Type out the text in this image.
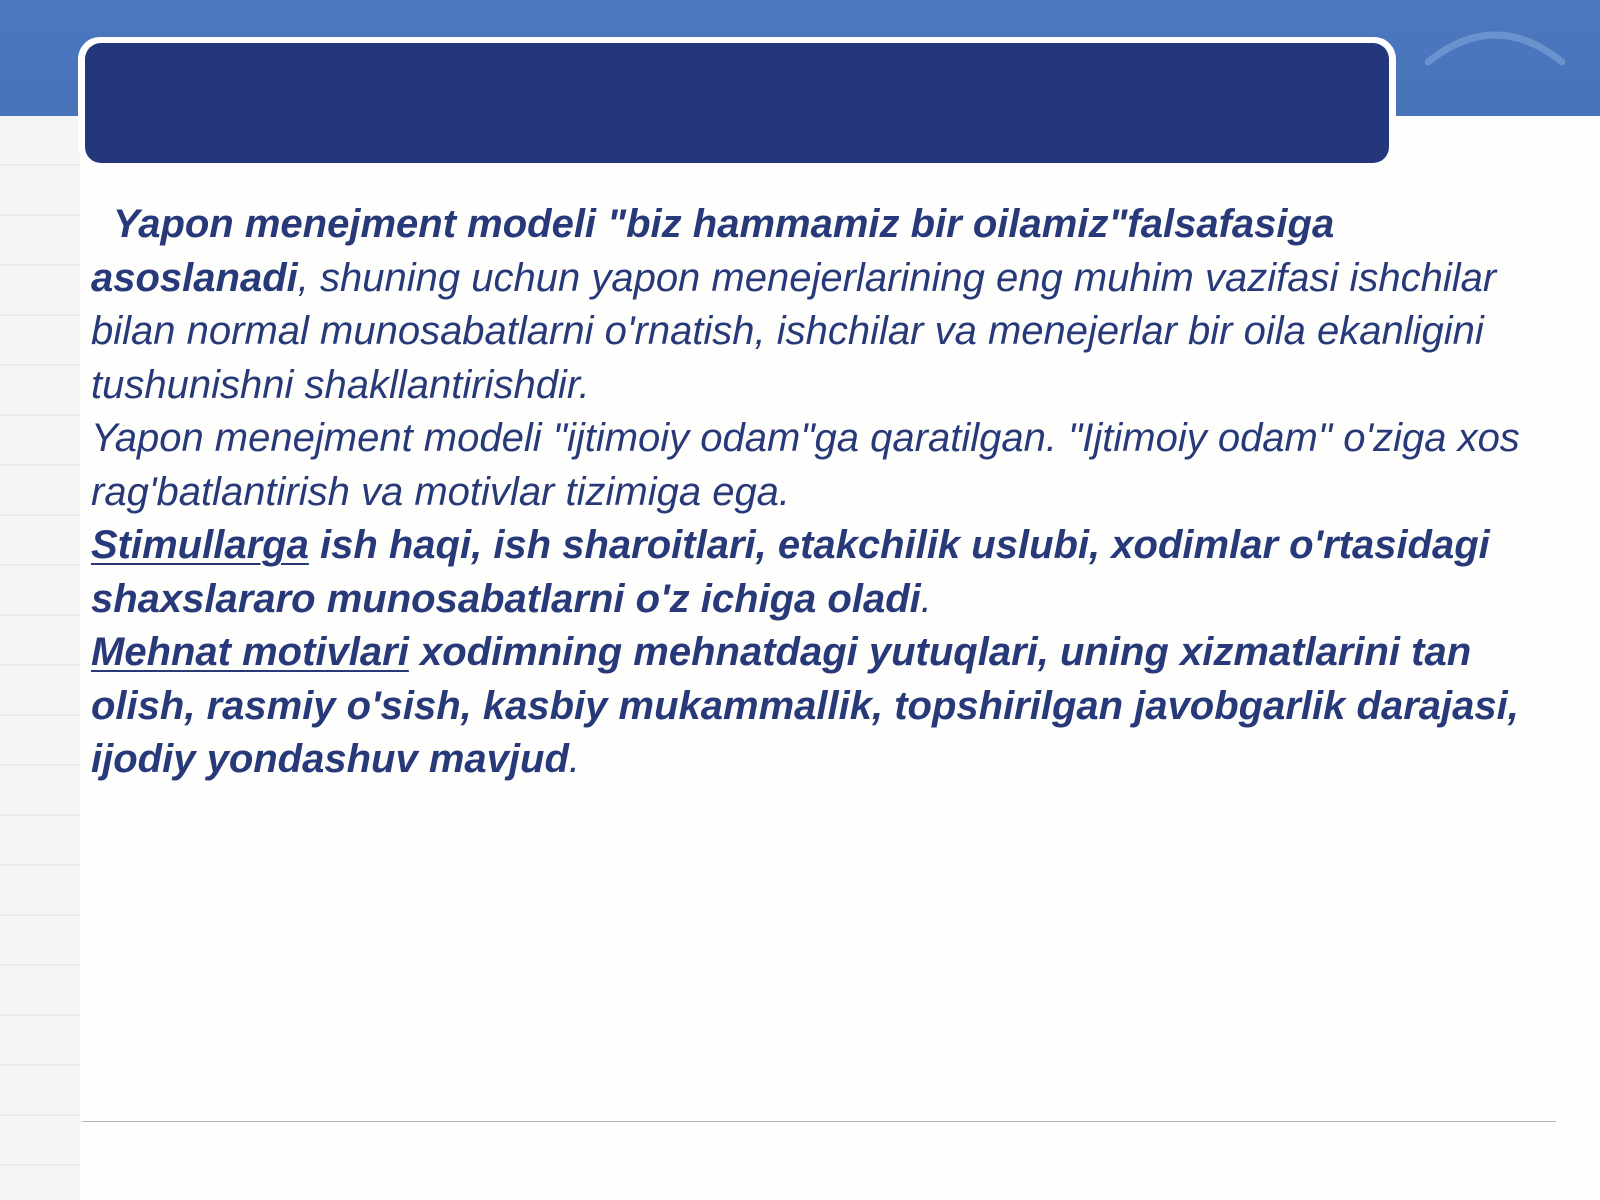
Yapon menejment modeli "biz hammamiz bir oilamiz"falsafasiga asoslanadi, shuning uchun yapon menejerlarining eng muhim vazifasi ishchilar bilan normal munosabatlarni o'rnatish, ishchilar va menejerlar bir oila ekanligini tushunishni shakllantirishdir.

Yapon menejment modeli "ijtimoiy odam"ga qaratilgan. "Ijtimoiy odam" o'ziga xos rag'batlantirish va motivlar tizimiga ega.

Stimullarga ish haqi, ish sharoitlari, etakchilik uslubi, xodimlar o'rtasidagi shaxslararo munosabatlarni o'z ichiga oladi.

Mehnat motivlari xodimning mehnatdagi yutuqlari, uning xizmatlarini tan olish, rasmiy o'sish, kasbiy mukammallik, topshirilgan javobgarlik darajasi, ijodiy yondashuv mavjud.
